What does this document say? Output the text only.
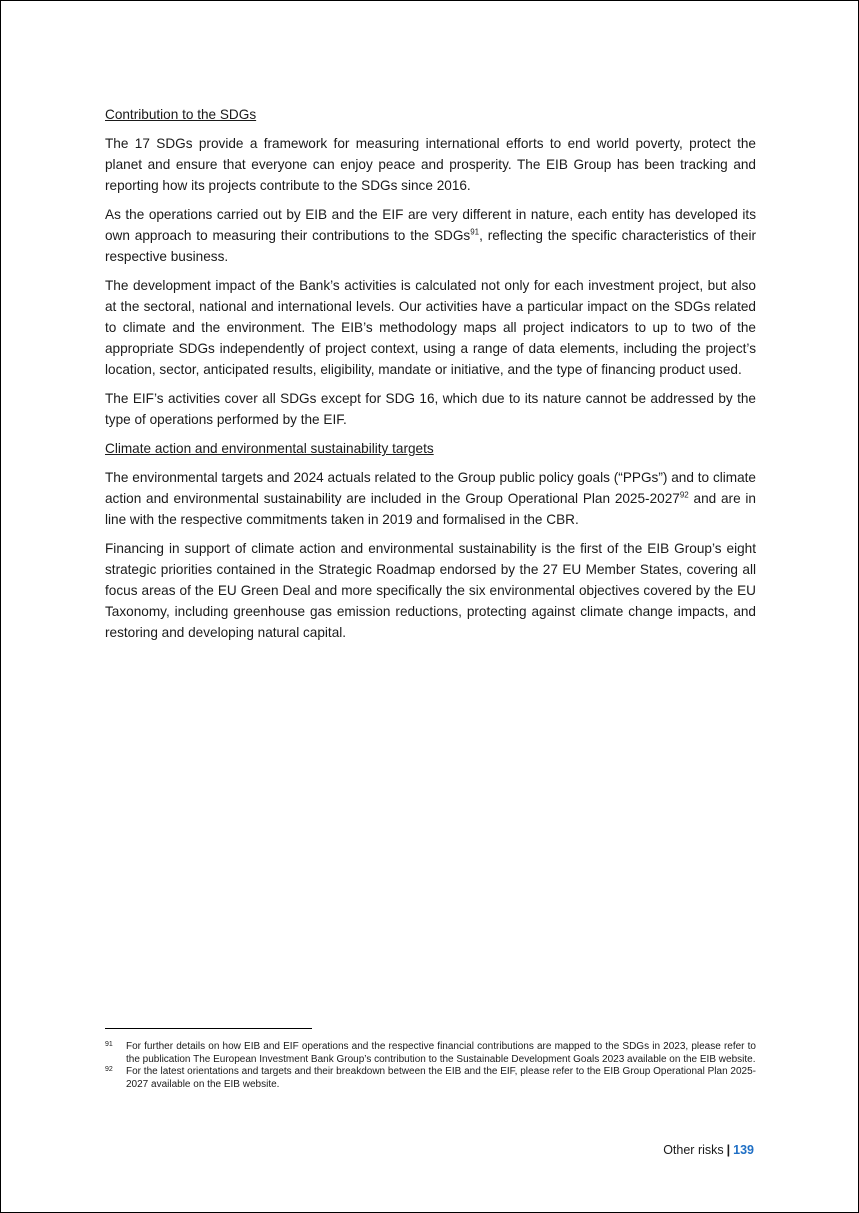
Contribution to the SDGs

The 17 SDGs provide a framework for measuring international efforts to end world poverty, protect the planet and ensure that everyone can enjoy peace and prosperity. The EIB Group has been tracking and reporting how its projects contribute to the SDGs since 2016.

As the operations carried out by EIB and the EIF are very different in nature, each entity has developed its own approach to measuring their contributions to the SDGs$^{91}$, reflecting the specific characteristics of their respective business.

The development impact of the Bank’s activities is calculated not only for each investment project, but also at the sectoral, national and international levels. Our activities have a particular impact on the SDGs related to climate and the environment. The EIB’s methodology maps all project indicators to up to two of the appropriate SDGs independently of project context, using a range of data elements, including the project’s location, sector, anticipated results, eligibility, mandate or initiative, and the type of financing product used.

The EIF’s activities cover all SDGs except for SDG 16, which due to its nature cannot be addressed by the type of operations performed by the EIF.

Climate action and environmental sustainability targets

The environmental targets and 2024 actuals related to the Group public policy goals (“PPGs”) and to climate action and environmental sustainability are included in the Group Operational Plan 2025-2027$^{92}$ and are in line with the respective commitments taken in 2019 and formalised in the CBR.

Financing in support of climate action and environmental sustainability is the first of the EIB Group’s eight strategic priorities contained in the Strategic Roadmap endorsed by the 27 EU Member States, covering all focus areas of the EU Green Deal and more specifically the six environmental objectives covered by the EU Taxonomy, including greenhouse gas emission reductions, protecting against climate change impacts, and restoring and developing natural capital.

91 For further details on how EIB and EIF operations and the respective financial contributions are mapped to the SDGs in 2023, please refer to the publication The European Investment Bank Group’s contribution to the Sustainable Development Goals 2023 available on the EIB website.
92 For the latest orientations and targets and their breakdown between the EIB and the EIF, please refer to the EIB Group Operational Plan 2025-2027 available on the EIB website.
Other risks | 139
